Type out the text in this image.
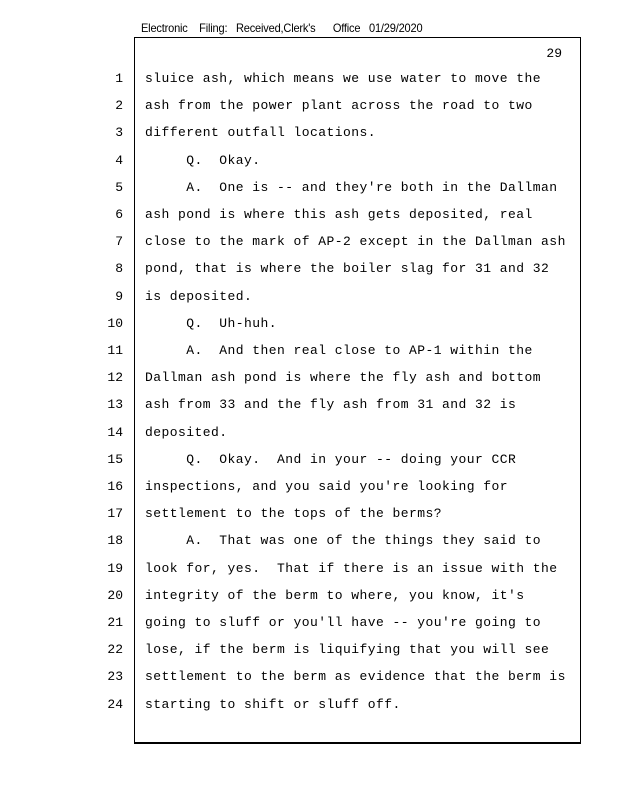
Electronic    Filing:   Received,Clerk's      Office   01/29/2020
29
1 sluice ash, which means we use water to move the
2 ash from the power plant across the road to two
3 different outfall locations.
4 Q.  Okay.
5 A.  One is -- and they're both in the Dallman
6 ash pond is where this ash gets deposited, real
7 close to the mark of AP-2 except in the Dallman ash
8 pond, that is where the boiler slag for 31 and 32
9 is deposited.
10 Q.  Uh-huh.
11 A.  And then real close to AP-1 within the
12 Dallman ash pond is where the fly ash and bottom
13 ash from 33 and the fly ash from 31 and 32 is
14 deposited.
15 Q.  Okay.  And in your -- doing your CCR
16 inspections, and you said you're looking for
17 settlement to the tops of the berms?
18 A.  That was one of the things they said to
19 look for, yes.  That if there is an issue with the
20 integrity of the berm to where, you know, it's
21 going to sluff or you'll have -- you're going to
22 lose, if the berm is liquifying that you will see
23 settlement to the berm as evidence that the berm is
24 starting to shift or sluff off.
